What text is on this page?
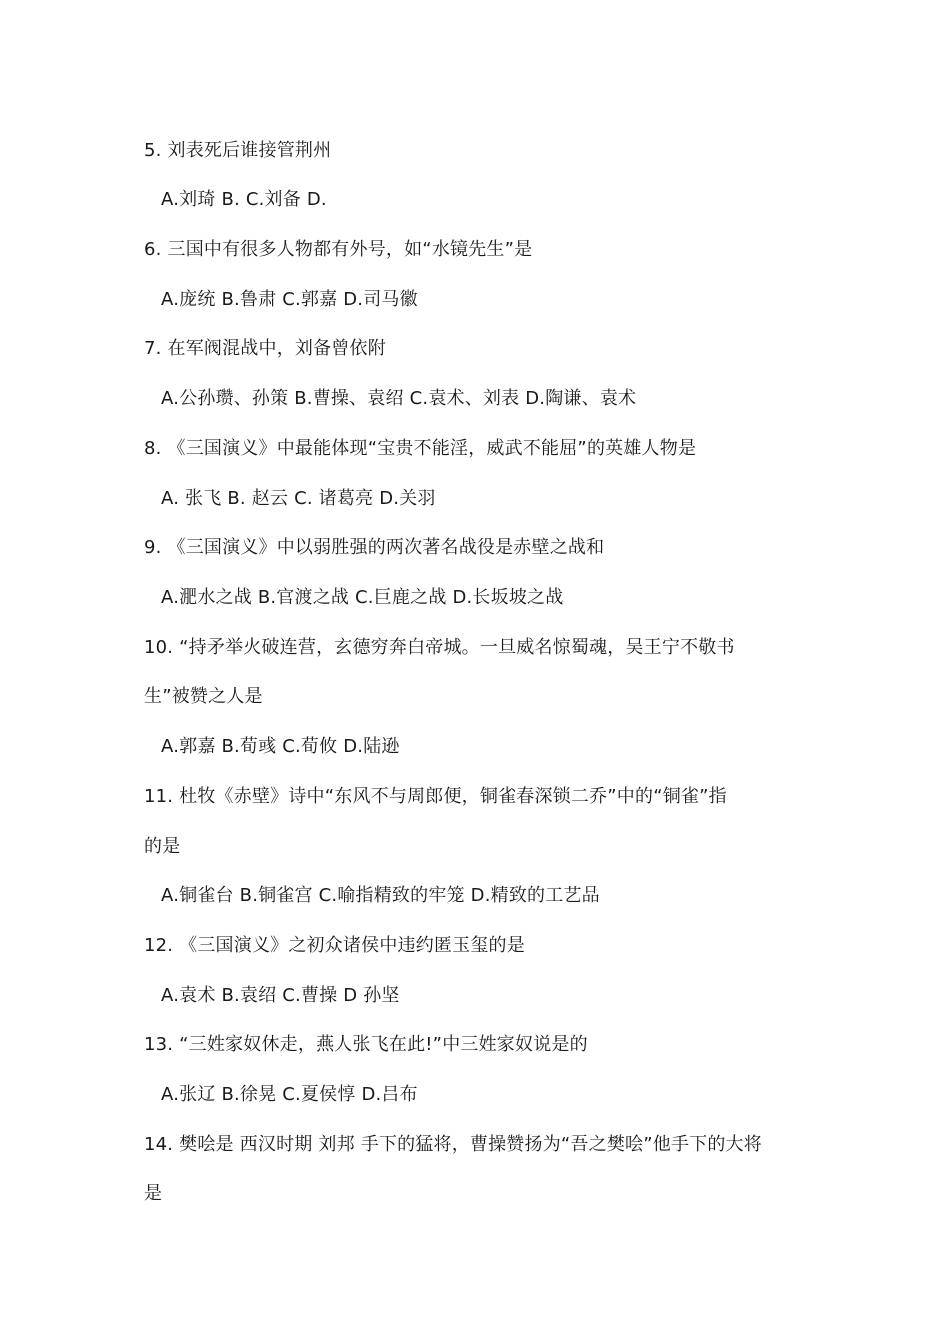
5. 刘表死后谁接管荆州
A.刘琦 B. C.刘备 D.
6. 三国中有很多人物都有外号，如“水镜先生”是
A.庞统 B.鲁肃 C.郭嘉 D.司马徽
7. 在军阀混战中，刘备曾依附
A.公孙瓒、孙策 B.曹操、袁绍 C.袁术、刘表 D.陶谦、袁术
8. 《三国演义》中最能体现“宝贵不能淫，威武不能屈”的英雄人物是
A. 张飞 B. 赵云 C. 诸葛亮 D.关羽
9. 《三国演义》中以弱胜强的两次著名战役是赤壁之战和
A.淝水之战 B.官渡之战 C.巨鹿之战 D.长坂坡之战
10. “持矛举火破连营，玄德穷奔白帝城。一旦威名惊蜀魂，吴王宁不敬书
生”被赞之人是
A.郭嘉 B.荀彧 C.荀攸 D.陆逊
11. 杜牧《赤壁》诗中“东风不与周郎便，铜雀春深锁二乔”中的“铜雀”指
的是
A.铜雀台 B.铜雀宫 C.喻指精致的牢笼 D.精致的工艺品
12. 《三国演义》之初众诸侯中违约匿玉玺的是
A.袁术 B.袁绍 C.曹操 D 孙坚
13. “三姓家奴休走，燕人张飞在此!”中三姓家奴说是的
A.张辽 B.徐晃 C.夏侯惇 D.吕布
14. 樊哙是 西汉时期 刘邦 手下的猛将，曹操赞扬为“吾之樊哙”他手下的大将
是
